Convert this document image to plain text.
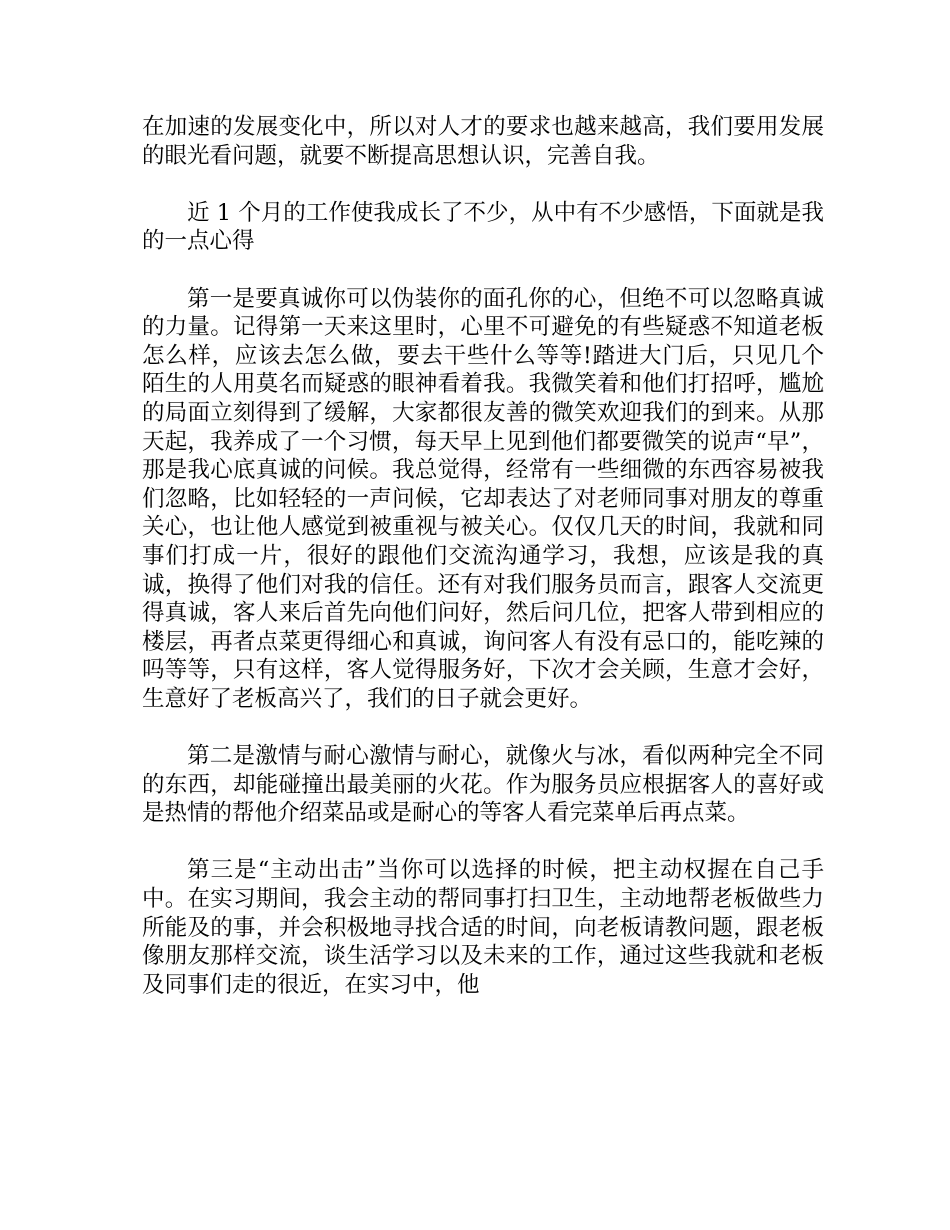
在加速的发展变化中，所以对人才的要求也越来越高，我们要用发展的眼光看问题，就要不断提高思想认识，完善自我。

近 1 个月的工作使我成长了不少，从中有不少感悟，下面就是我的一点心得

第一是要真诚你可以伪装你的面孔你的心，但绝不可以忽略真诚的力量。记得第一天来这里时，心里不可避免的有些疑惑不知道老板怎么样，应该去怎么做，要去干些什么等等!踏进大门后，只见几个陌生的人用莫名而疑惑的眼神看着我。我微笑着和他们打招呼，尴尬的局面立刻得到了缓解，大家都很友善的微笑欢迎我们的到来。从那天起，我养成了一个习惯，每天早上见到他们都要微笑的说声“早”，那是我心底真诚的问候。我总觉得，经常有一些细微的东西容易被我们忽略，比如轻轻的一声问候，它却表达了对老师同事对朋友的尊重关心，也让他人感觉到被重视与被关心。仅仅几天的时间，我就和同事们打成一片，很好的跟他们交流沟通学习，我想，应该是我的真诚，换得了他们对我的信任。还有对我们服务员而言，跟客人交流更得真诚，客人来后首先向他们问好，然后问几位，把客人带到相应的楼层，再者点菜更得细心和真诚，询问客人有没有忌口的，能吃辣的吗等等，只有这样，客人觉得服务好，下次才会关顾，生意才会好，生意好了老板高兴了，我们的日子就会更好。

第二是激情与耐心激情与耐心，就像火与冰，看似两种完全不同的东西，却能碰撞出最美丽的火花。作为服务员应根据客人的喜好或是热情的帮他介绍菜品或是耐心的等客人看完菜单后再点菜。

第三是“主动出击”当你可以选择的时候，把主动权握在自己手中。在实习期间，我会主动的帮同事打扫卫生，主动地帮老板做些力所能及的事，并会积极地寻找合适的时间，向老板请教问题，跟老板像朋友那样交流，谈生活学习以及未来的工作，通过这些我就和老板及同事们走的很近，在实习中，他
